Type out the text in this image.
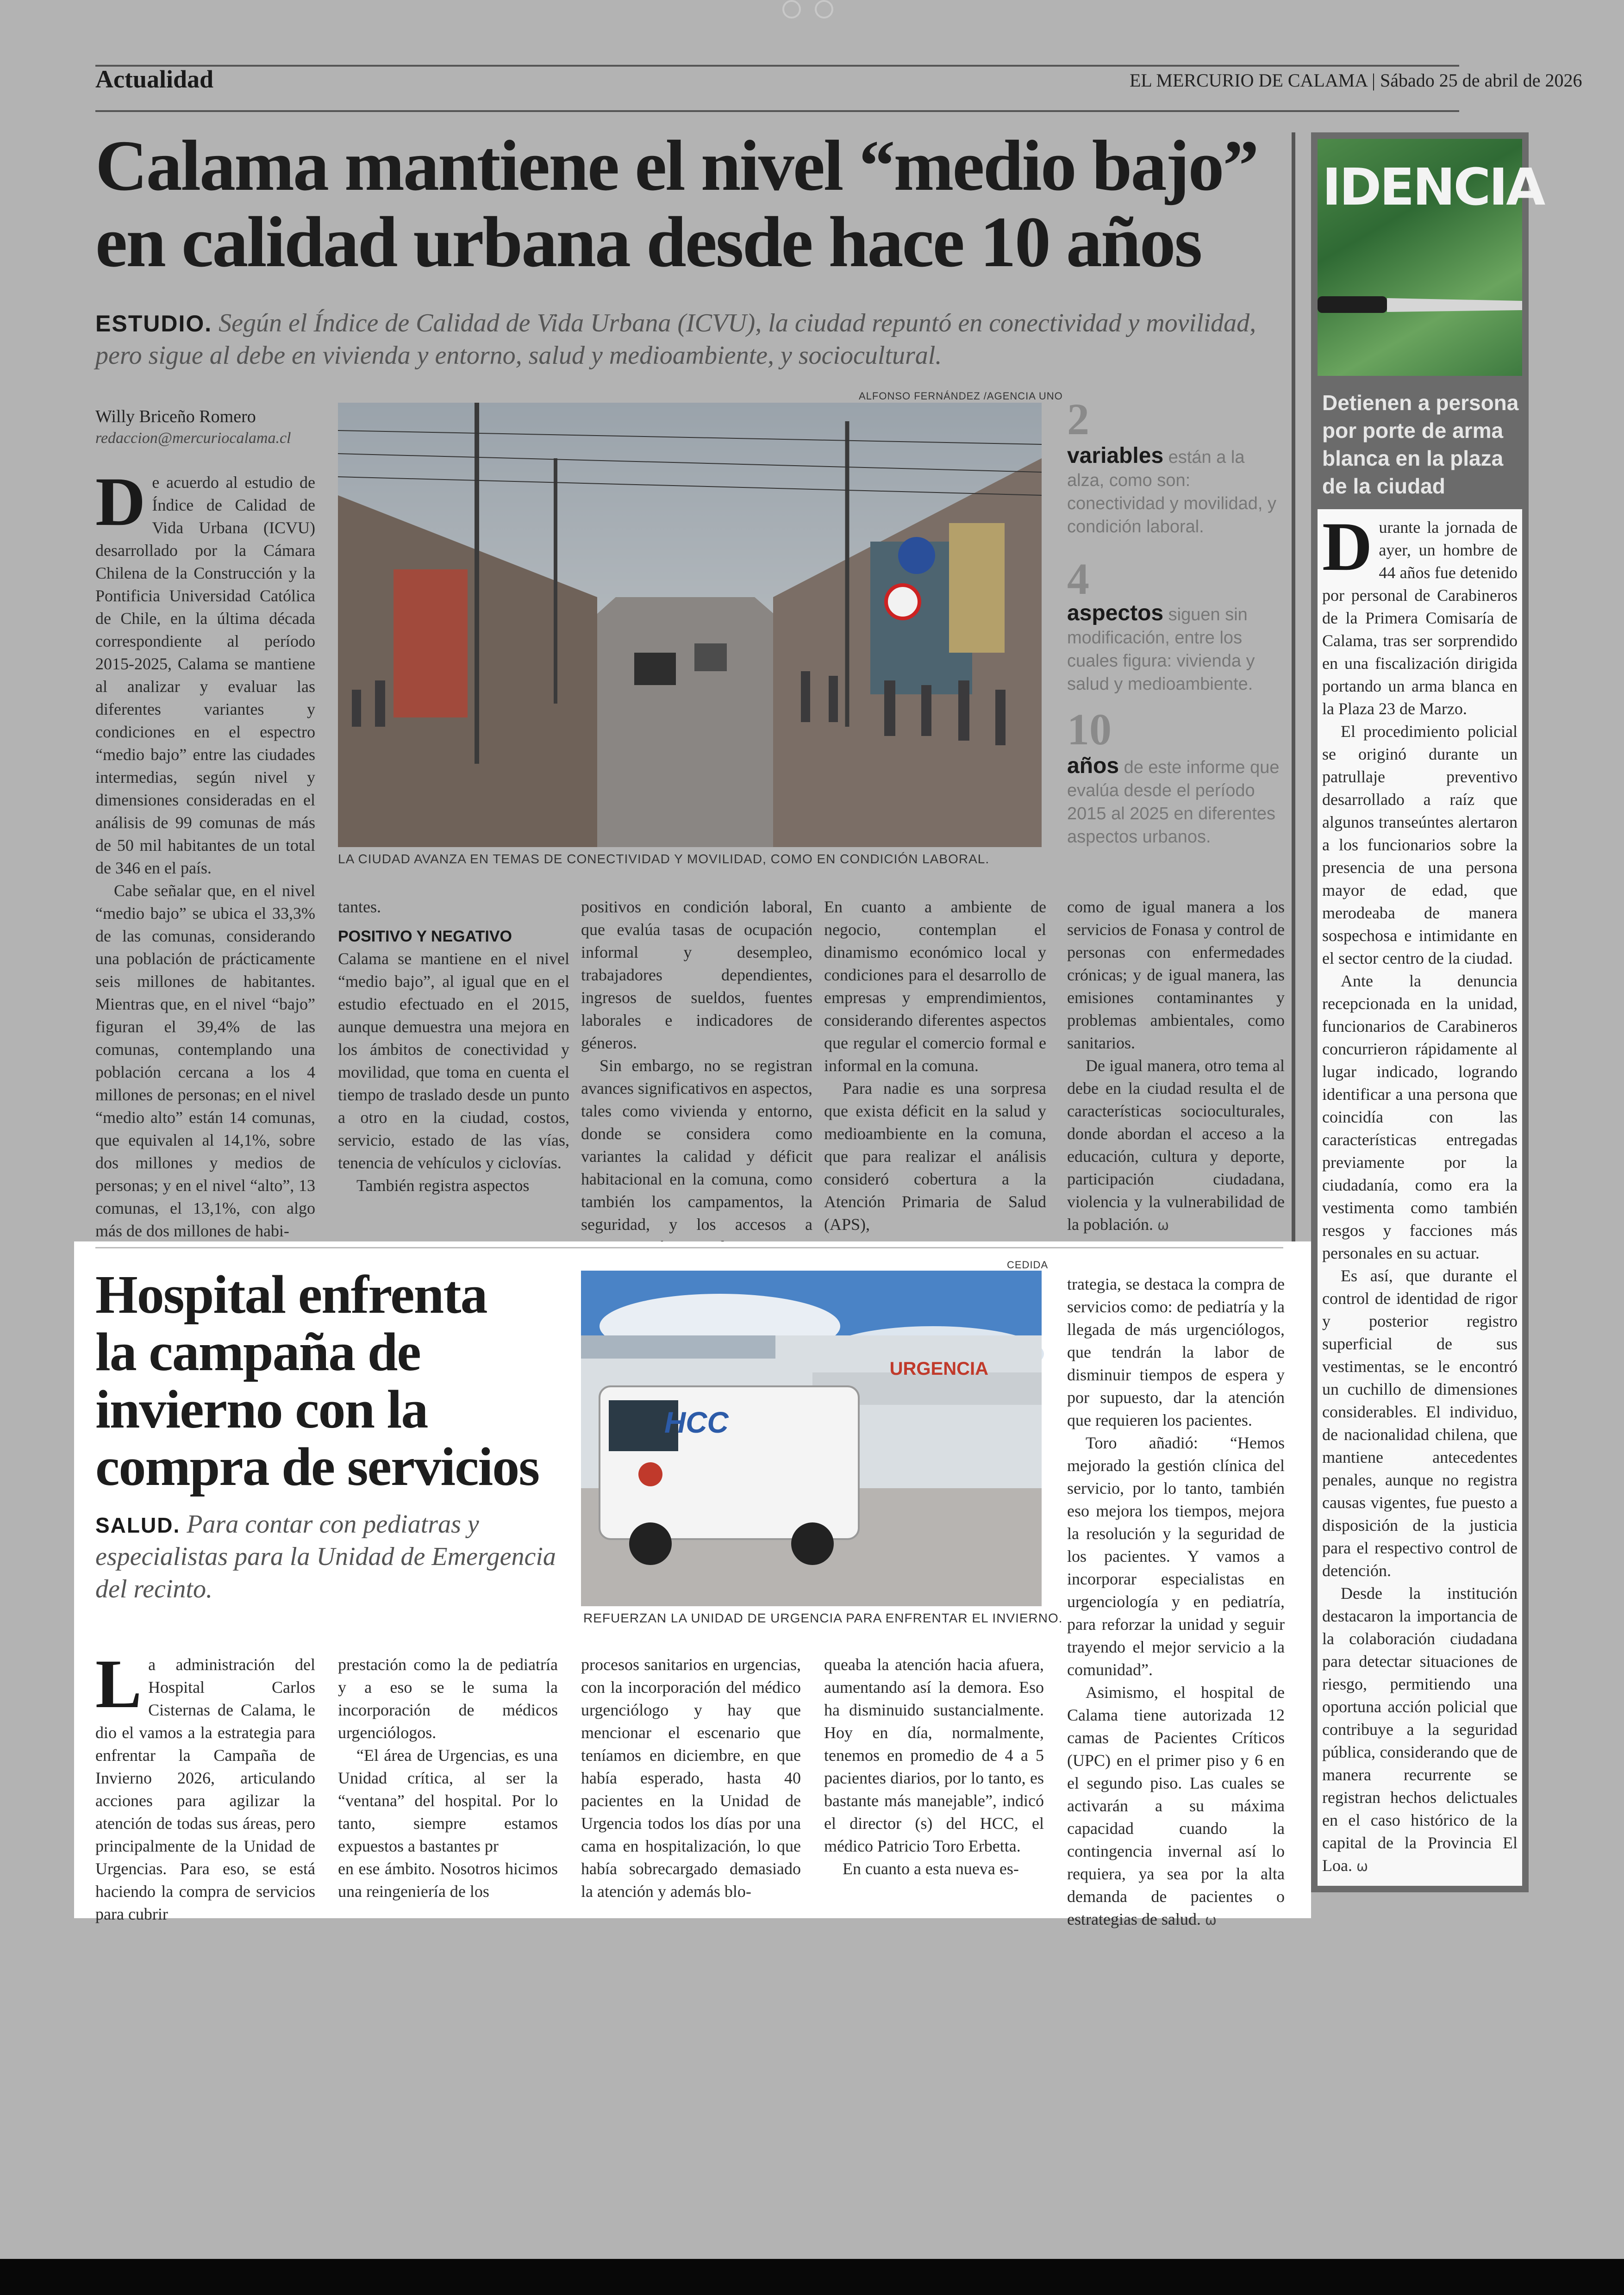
Actualidad	EL MERCURIO DE CALAMA | Sábado 25 de abril de 2026
Calama mantiene el nivel “medio bajo”
en calidad urbana desde hace 10 años
ESTUDIO. Según el Índice de Calidad de Vida Urbana (ICVU), la ciudad repuntó en conectividad y movilidad, pero sigue al debe en vivienda y entorno, salud y medioambiente, y sociocultural.
Willy Briceño Romero
redaccion@mercuriocalama.cl

De acuerdo al estudio de Índice de Calidad de Vida Urbana (ICVU) desarrollado por la Cámara Chilena de la Construcción y la Pontificia Universidad Católica de Chile, en la última década correspondiente al período 2015-2025, Calama se mantiene al analizar y evaluar las diferentes variantes y condiciones en el espectro “medio bajo” entre las ciudades intermedias, según nivel y dimensiones consideradas en el análisis de 99 comunas de más de 50 mil habitantes de un total de 346 en el país.

Cabe señalar que, en el nivel “medio bajo” se ubica el 33,3% de las comunas, considerando una población de prácticamente seis millones de habitantes. Mientras que, en el nivel “bajo” figuran el 39,4% de las comunas, contemplando una población cercana a los 4 millones de personas; en el nivel “medio alto” están 14 comunas, que equivalen al 14,1%, sobre dos millones y medios de personas; y en el nivel “alto”, 13 comunas, el 13,1%, con algo más de dos millones de habi-

ALFONSO FERNÁNDEZ /AGENCIA UNO
LA CIUDAD AVANZA EN TEMAS DE CONECTIVIDAD Y MOVILIDAD, COMO EN CONDICIÓN LABORAL.
2
variables están a la alza, como son: conectividad y movilidad, y condición laboral.
4
aspectos siguen sin modificación, entre los cuales figura: vivienda y salud y medioambiente.
10
años de este informe que evalúa desde el período 2015 al 2025 en diferentes aspectos urbanos.

tantes.

POSITIVO Y NEGATIVO

Calama se mantiene en el nivel “medio bajo”, al igual que en el estudio efectuado en el 2015, aunque demuestra una mejora en los ámbitos de conectividad y movilidad, que toma en cuenta el tiempo de traslado desde un punto a otro en la ciudad, costos, servicio, estado de las vías, tenencia de vehículos y ciclovías.

También registra aspectos

positivos en condición laboral, que evalúa tasas de ocupación informal y desempleo, trabajadores dependientes, ingresos de sueldos, fuentes laborales e indicadores de géneros.

Sin embargo, no se registran avances significativos en aspectos, tales como vivienda y entorno, donde se considera como variantes la calidad y déficit habitacional en la comuna, como también los campamentos, la seguridad, y los accesos a

En cuanto a ambiente de negocio, contemplan el dinamismo económico local y condiciones para el desarrollo de empresas y emprendimientos, considerando diferentes aspectos que regular el comercio formal e informal en la comuna.

Para nadie es una sorpresa que exista déficit en la salud y medioambiente en la comuna, que para realizar el análisis consideró cobertura a la Atención Primaria de Salud (APS),

como de igual manera a los servicios de Fonasa y control de personas con enfermedades crónicas; y de igual manera, las emisiones contaminantes y problemas ambientales, como sanitarios.

De igual manera, otro tema al debe en la ciudad resulta el de características socioculturales, donde abordan el acceso a la educación, cultura y deporte, participación ciudadana, violencia y la vulnerabilidad de la población. ω

IDENCIA
Detienen a persona por porte de arma blanca en la plaza de la ciudad

Durante la jornada de ayer, un hombre de 44 años fue detenido por personal de Carabineros de la Primera Comisaría de Calama, tras ser sorprendido en una fiscalización dirigida portando un arma blanca en la Plaza 23 de Marzo.

El procedimiento policial se originó durante un patrullaje preventivo desarrollado a raíz que algunos transeúntes alertaron a los funcionarios sobre la presencia de una persona mayor de edad, que merodeaba de manera sospechosa e intimidante en el sector centro de la ciudad.

Ante la denuncia recepcionada en la unidad, funcionarios de Carabineros concurrieron rápidamente al lugar indicado, logrando identificar a una persona que coincidía con las características entregadas previamente por la ciudadanía, como era la vestimenta como también resgos y facciones más personales en su actuar.

Es así, que durante el control de identidad de rigor y posterior registro superficial de sus vestimentas, se le encontró un cuchillo de dimensiones considerables. El individuo, de nacionalidad chilena, que mantiene antecedentes penales, aunque no registra causas vigentes, fue puesto a disposición de la justicia para el respectivo control de detención.

Desde la institución destacaron la importancia de la colaboración ciudadana para detectar situaciones de riesgo, permitiendo una oportuna acción policial que contribuye a la seguridad pública, considerando que de manera recurrente se registran hechos delictuales en el caso histórico de la capital de la Provincia El Loa. ω

Hospital enfrenta
la campaña de
invierno con la
compra de servicios
SALUD. Para contar con pediatras y especialistas para la Unidad de Emergencia del recinto.
CEDIDA
URGENCIA
HCC
REFUERZAN LA UNIDAD DE URGENCIA PARA ENFRENTAR EL INVIERNO.

La administración del Hospital Carlos Cisternas de Calama, le dio el vamos a la estrategia para enfrentar la Campaña de Invierno 2026, articulando acciones para agilizar la atención de todas sus áreas, pero principalmente de la Unidad de Urgencias. Para eso, se está haciendo la compra de servicios para cubrir

prestación como la de pediatría y a eso se le suma la incorporación de médicos urgenciólogos.

“El área de Urgencias, es una Unidad crítica, al ser la “ventana” del hospital. Por lo tanto, siempre estamos expuestos a bastantes pr

en ese ámbito. Nosotros hicimos una reingeniería de los

procesos sanitarios en urgencias, con la incorporación del médico urgenciólogo y hay que mencionar el escenario que teníamos en diciembre, en que había esperado, hasta 40 pacientes en la Unidad de Urgencia todos los días por una cama en hospitalización, lo que había sobrecargado demasiado la atención y además blo-

queaba la atención hacia afuera, aumentando así la demora. Eso ha disminuido sustancialmente. Hoy en día, normalmente, tenemos en promedio de 4 a 5 pacientes diarios, por lo tanto, es bastante más manejable”, indicó el director (s) del HCC, el médico Patricio Toro Erbetta.

En cuanto a esta nueva es-

trategia, se destaca la compra de servicios como: de pediatría y la llegada de más urgenciólogos, que tendrán la labor de disminuir tiempos de espera y por supuesto, dar la atención que requieren los pacientes.

Toro añadió: “Hemos mejorado la gestión clínica del servicio, por lo tanto, también eso mejora los tiempos, mejora la resolución y la seguridad de los pacientes. Y vamos a incorporar especialistas en urgenciología y en pediatría, para reforzar la unidad y seguir trayendo el mejor servicio a la comunidad”.

Asimismo, el hospital de Calama tiene autorizada 12 camas de Pacientes Críticos (UPC) en el primer piso y 6 en el segundo piso. Las cuales se activarán a su máxima capacidad cuando la contingencia invernal así lo requiera, ya sea por la alta demanda de pacientes o estrategias de salud. ω
